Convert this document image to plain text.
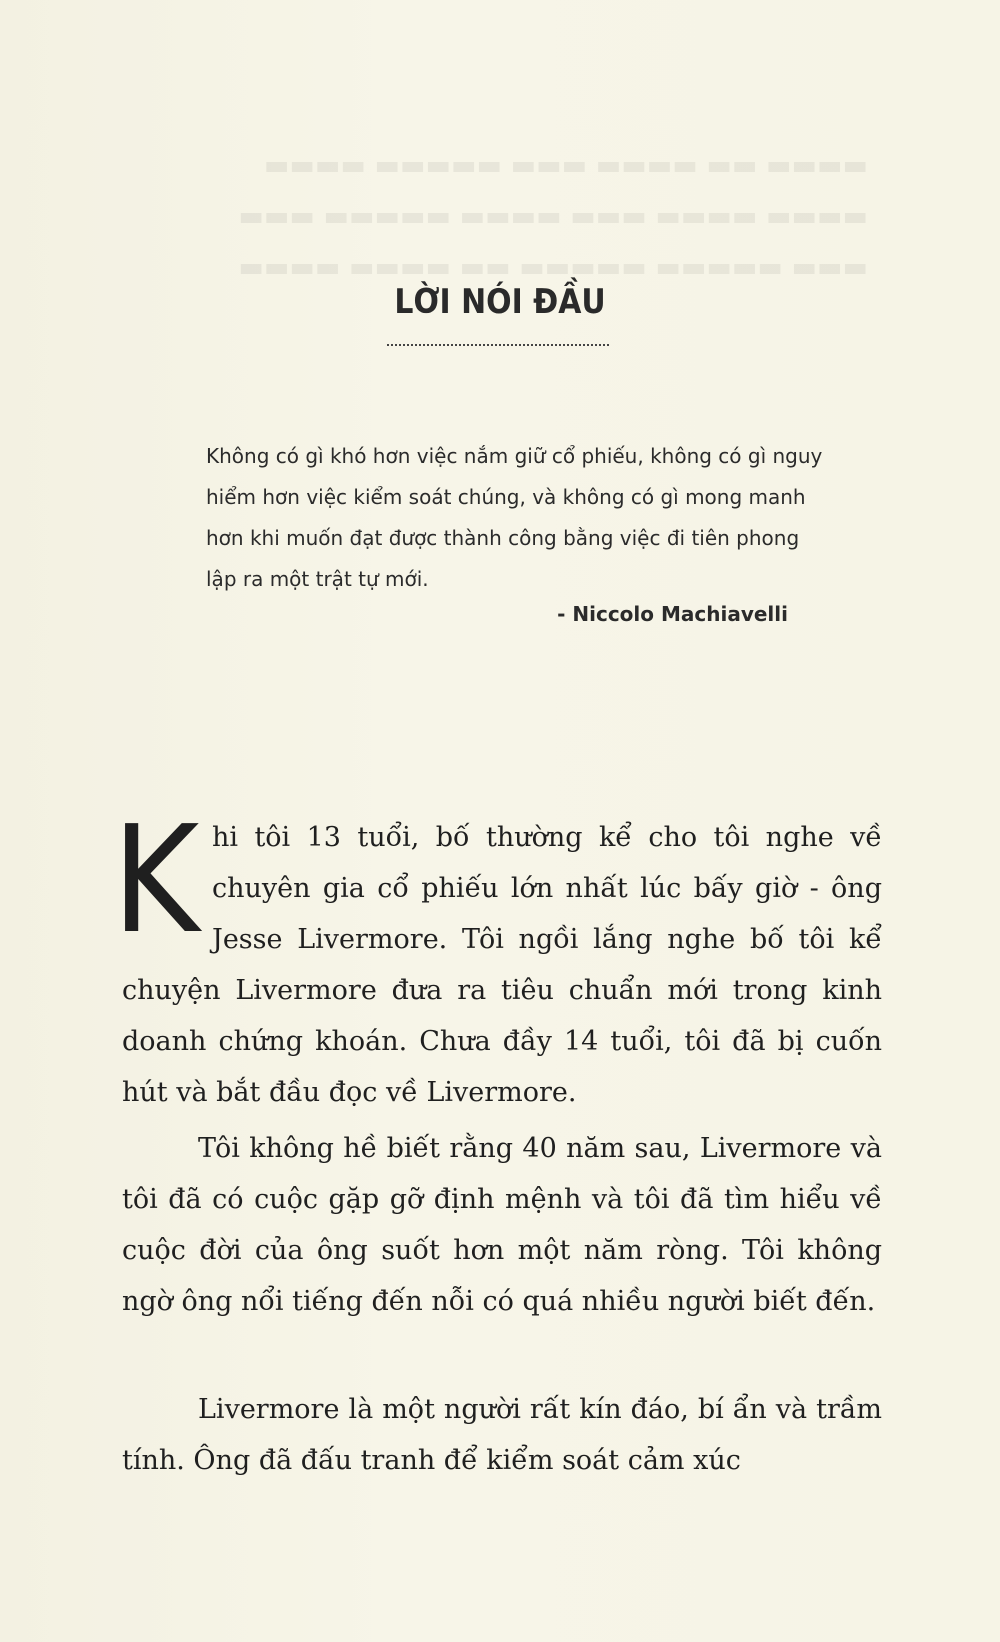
▬▬▬▬ ▬▬ ▬▬▬▬ ▬▬▬ ▬▬▬▬▬ ▬▬▬▬
▬▬▬▬ ▬▬▬▬ ▬▬▬ ▬▬▬▬ ▬▬▬▬▬ ▬▬▬
▬▬▬ ▬▬▬▬▬ ▬▬▬▬▬ ▬▬ ▬▬▬▬ ▬▬▬▬
LỜI NÓI ĐẦU

Không có gì khó hơn việc nắm giữ cổ phiếu, không có gì nguy hiểm hơn việc kiểm soát chúng, và không có gì mong manh hơn khi muốn đạt được thành công bằng việc đi tiên phong lập ra một trật tự mới.

- Niccolo Machiavelli
K hi tôi 13 tuổi, bố thường kể cho tôi nghe về chuyên gia cổ phiếu lớn nhất lúc bấy giờ - ông Jesse Livermore. Tôi ngồi lắng nghe bố tôi kể chuyện Livermore đưa ra tiêu chuẩn mới trong kinh doanh chứng khoán. Chưa đầy 14 tuổi, tôi đã bị cuốn hút và bắt đầu đọc về Livermore.
Tôi không hề biết rằng 40 năm sau, Livermore và tôi đã có cuộc gặp gỡ định mệnh và tôi đã tìm hiểu về cuộc đời của ông suốt hơn một năm ròng. Tôi không ngờ ông nổi tiếng đến nỗi có quá nhiều người biết đến.
Livermore là một người rất kín đáo, bí ẩn và trầm tính. Ông đã đấu tranh để kiểm soát cảm xúc
